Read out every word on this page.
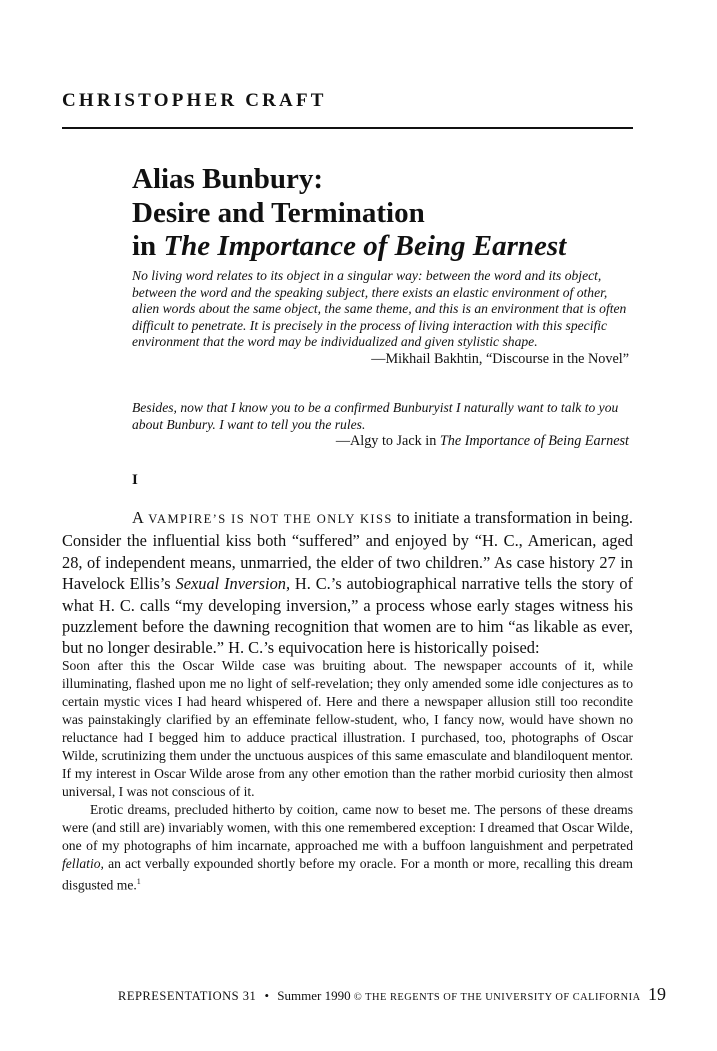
CHRISTOPHER CRAFT
Alias Bunbury:
Desire and Termination
in The Importance of Being Earnest
No living word relates to its object in a singular way: between the word and its object, between the word and the speaking subject, there exists an elastic environment of other, alien words about the same object, the same theme, and this is an environment that is often difficult to penetrate. It is precisely in the process of living interaction with this specific environment that the word may be individualized and given stylistic shape.
—Mikhail Bakhtin, “Discourse in the Novel”
Besides, now that I know you to be a confirmed Bunburyist I naturally want to talk to you about Bunbury. I want to tell you the rules.
—Algy to Jack in The Importance of Being Earnest
I
A VAMPIRE’S IS NOT THE ONLY KISS to initiate a transformation in being. Consider the influential kiss both “suffered” and enjoyed by “H. C., American, aged 28, of independent means, unmarried, the elder of two children.” As case history 27 in Havelock Ellis’s Sexual Inversion, H. C.’s autobiographical narrative tells the story of what H. C. calls “my developing inversion,” a process whose early stages witness his puzzlement before the dawning recognition that women are to him “as likable as ever, but no longer desirable.” H. C.’s equivocation here is historically poised:

Soon after this the Oscar Wilde case was bruiting about. The newspaper accounts of it, while illuminating, flashed upon me no light of self-revelation; they only amended some idle conjectures as to certain mystic vices I had heard whispered of. Here and there a newspaper allusion still too recondite was painstakingly clarified by an effeminate fellow-student, who, I fancy now, would have shown no reluctance had I begged him to adduce practical illustration. I purchased, too, photographs of Oscar Wilde, scrutinizing them under the unctuous auspices of this same emasculate and blandiloquent mentor. If my interest in Oscar Wilde arose from any other emotion than the rather morbid curiosity then almost universal, I was not conscious of it.

Erotic dreams, precluded hitherto by coition, came now to beset me. The persons of these dreams were (and still are) invariably women, with this one remembered exception: I dreamed that Oscar Wilde, one of my photographs of him incarnate, approached me with a buffoon languishment and perpetrated fellatio, an act verbally expounded shortly before my oracle. For a month or more, recalling this dream disgusted me.$^1$

REPRESENTATIONS 31 • Summer 1990 © THE REGENTS OF THE UNIVERSITY OF CALIFORNIA 19
